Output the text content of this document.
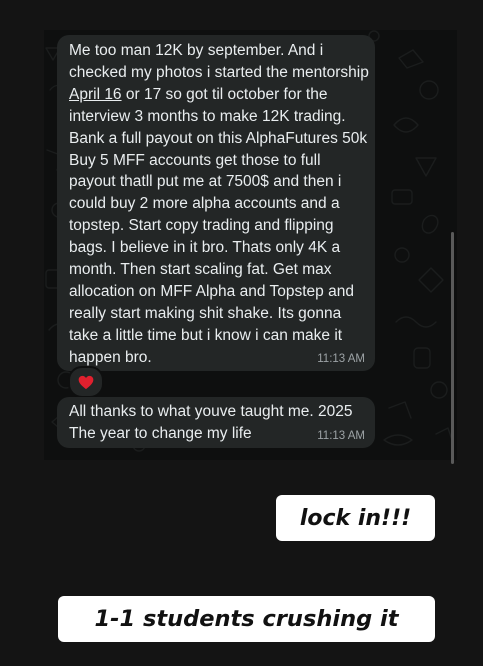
Me too man 12K by september. And i checked my photos i started the mentorship April 16 or 17 so got til october for the interview 3 months to make 12K trading. Bank a full payout on this AlphaFutures 50k Buy 5 MFF accounts get those to full payout thatll put me at 7500$ and then i could buy 2 more alpha accounts and a topstep. Start copy trading and flipping bags. I believe in it bro. Thats only 4K a month. Then start scaling fat. Get max allocation on MFF Alpha and Topstep and really start making shit shake. Its gonna take a little time but i know i can make it happen bro.	11:13 AM

All thanks to what youve taught me. 2025 The year to change my life	11:13 AM
lock in!!!
1-1 students crushing it
